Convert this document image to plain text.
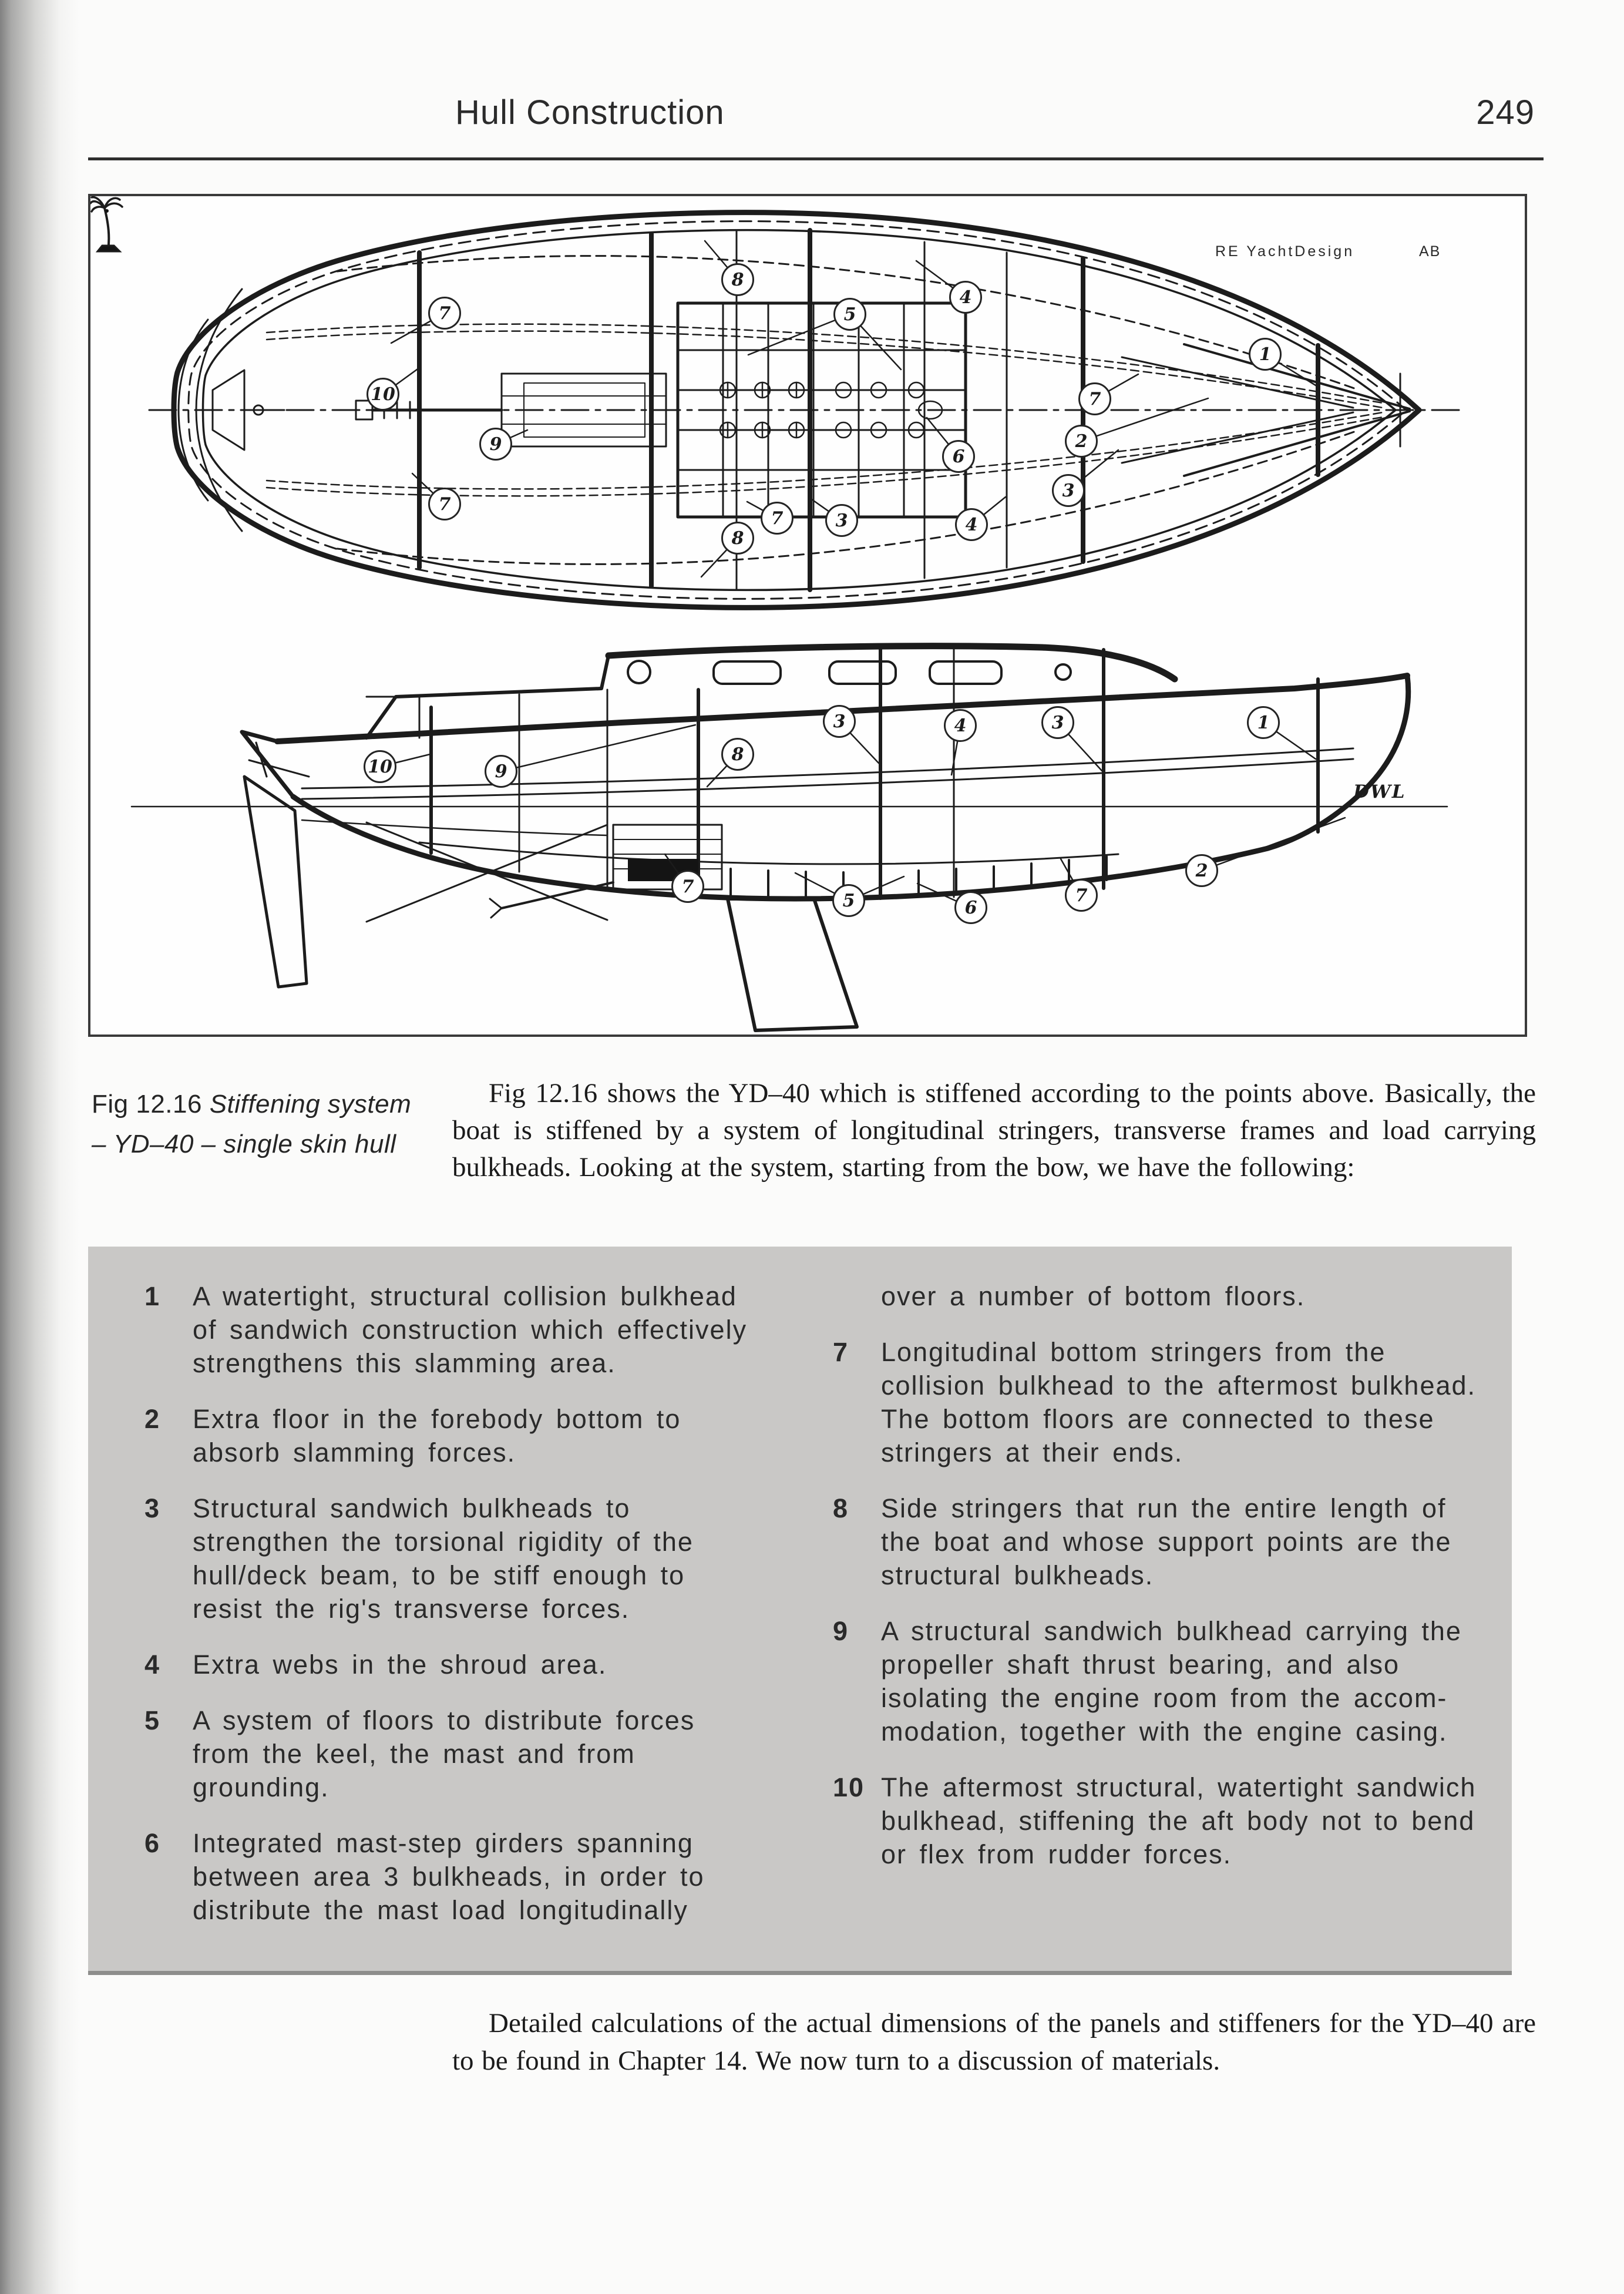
Hull Construction	249
RE YachtDesign	AB
DWL
8
4
7	5
1
10	7
2
9
6
3
7	3	4
7
8
10	9
8
3	4	3	1
2
7
6
5
7
Fig 12.16 Stiffening system – YD–40 – single skin hull

Fig 12.16 shows the YD–40 which is stiffened according to the points above. Basically, the boat is stiffened by a system of longitudinal stringers, transverse frames and load carrying bulkheads. Looking at the system, starting from the bow, we have the following:

1	A watertight, structural collision bulkhead of sandwich construction which effectively strengthens this slamming area.
2	Extra floor in the forebody bottom to absorb slamming forces.
3	Structural sandwich bulkheads to strengthen the torsional rigidity of the hull/deck beam, to be stiff enough to resist the rig's transverse forces.
4	Extra webs in the shroud area.
5	A system of floors to distribute forces from the keel, the mast and from grounding.
6	Integrated mast-step girders spanning between area 3 bulkheads, in order to distribute the mast load longitudinally
over a number of bottom floors.
7	Longitudinal bottom stringers from the collision bulkhead to the aftermost bulkhead. The bottom floors are connected to these stringers at their ends.
8	Side stringers that run the entire length of the boat and whose support points are the structural bulkheads.
9	A structural sandwich bulkhead carrying the propeller shaft thrust bearing, and also isolating the engine room from the accom-modation, together with the engine casing.
10 The aftermost structural, watertight sandwich bulkhead, stiffening the aft body not to bend or flex from rudder forces.

Detailed calculations of the actual dimensions of the panels and stiffeners for the YD–40 are to be found in Chapter 14. We now turn to a discussion of materials.
